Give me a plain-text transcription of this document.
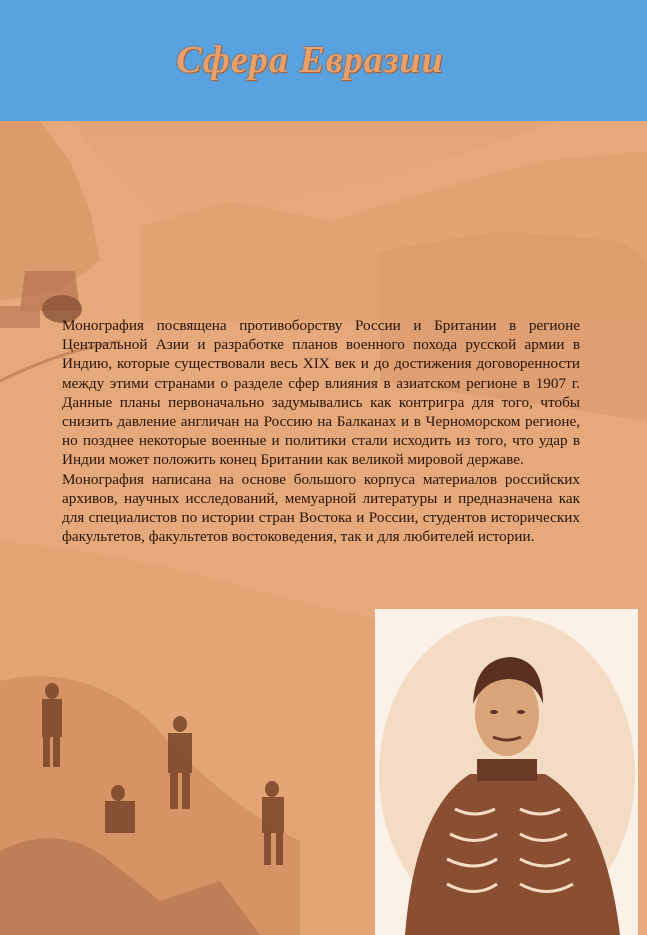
Сфера Евразии

Монография посвящена противоборству России и Британии в регионе Центральной Азии и разработке планов военного похода русской армии в Индию, которые существовали весь XIX век и до достижения договоренности между этими странами о разделе сфер влияния в азиатском регионе в 1907 г. Данные планы первоначально задумывались как контригра для того, чтобы снизить давление англичан на Россию на Балканах и в Черноморском регионе, но позднее некоторые военные и политики стали исходить из того, что удар в Индии может положить конец Британии как великой мировой державе.

Монография написана на основе большого корпуса материалов российских архивов, научных исследований, мемуарной литературы и предназначена как для специалистов по истории стран Востока и России, студентов исторических факультетов, факультетов востоковедения, так и для любителей истории.
